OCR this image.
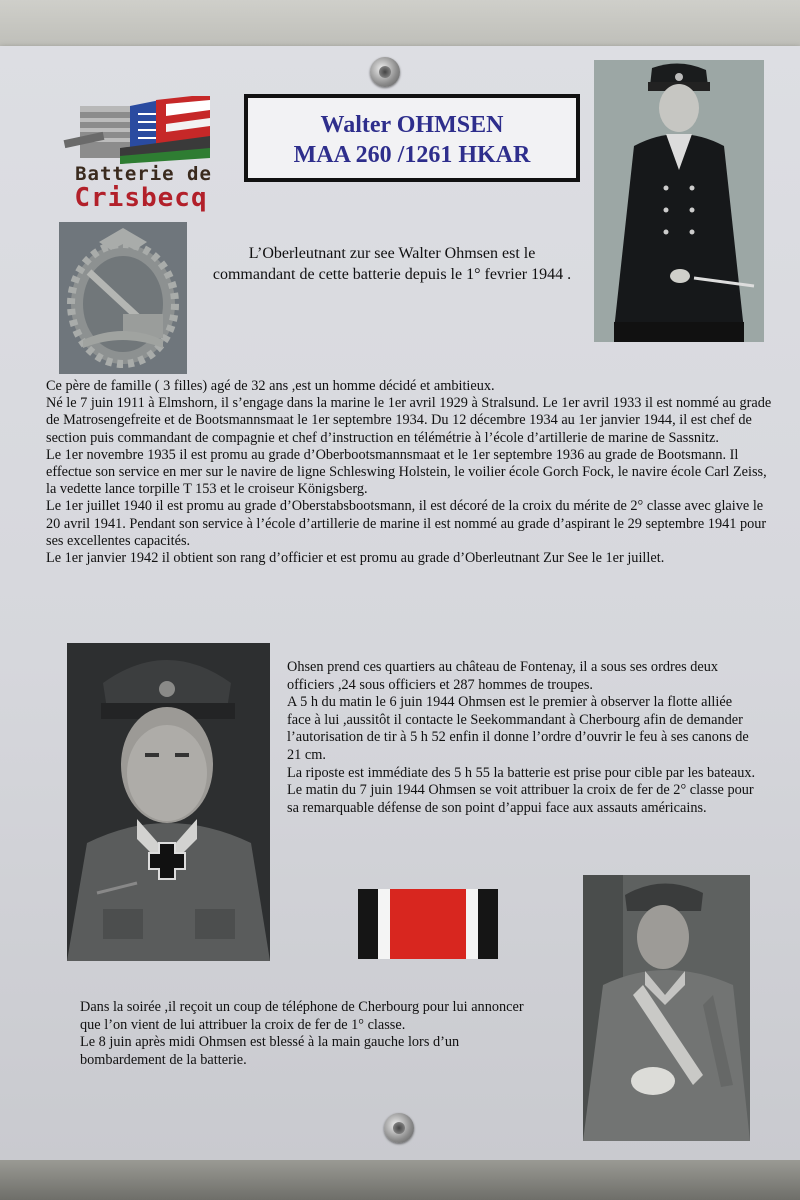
Batterie de
Crisbecq
Walter OHMSEN
MAA 260 /1261 HKAR
L’Oberleutnant zur see Walter Ohmsen est le commandant de cette batterie depuis le 1° fevrier 1944 .

Ce père de famille ( 3 filles) agé de 32 ans ,est un homme décidé et ambitieux.

Né le 7 juin 1911 à Elmshorn, il s’engage dans la marine le 1er avril 1929 à Stralsund. Le 1er avril 1933 il est nommé au grade de Matrosengefreite et de Bootsmannsmaat le 1er septembre 1934. Du 12 décembre 1934 au 1er janvier 1944, il est chef de section puis commandant de compagnie et chef d’instruction en télémétrie à l’école d’artillerie de marine de Sassnitz.

Le 1er novembre 1935 il est promu au grade d’Oberbootsmannsmaat et le 1er septembre 1936 au grade de Bootsmann. Il effectue son service en mer sur le navire de ligne Schleswing Holstein, le voilier école Gorch Fock, le navire école Carl Zeiss, la vedette lance torpille T 153 et le croiseur Königsberg.

Le 1er juillet 1940 il est promu au grade d’Oberstabsbootsmann, il est décoré de la croix du mérite de 2° classe avec glaive le 20 avril 1941. Pendant son service à l’école d’artillerie de marine il est nommé au grade d’aspirant le 29 septembre 1941 pour ses excellentes capacités.

Le 1er janvier 1942 il obtient son rang d’officier et est promu au grade d’Oberleutnant Zur See le 1er juillet.

Ohsen prend ces quartiers au château de Fontenay, il a sous ses ordres deux officiers ,24 sous officiers et 287 hommes de troupes.

A 5 h du matin le 6 juin 1944 Ohmsen est le premier à observer la flotte alliée face à lui ,aussitôt il contacte le Seekommandant à Cherbourg afin de demander l’autorisation de tir à 5 h 52 enfin il donne l’ordre d’ouvrir le feu à ses canons de 21 cm.

La riposte est immédiate des 5 h 55 la batterie est prise pour cible par les bateaux.

Le matin du 7 juin 1944 Ohmsen se voit attribuer la croix de fer de 2° classe pour sa remarquable défense de son point d’appui face aux assauts américains.

Dans la soirée ,il reçoit un coup de téléphone de Cherbourg pour lui annoncer que l’on vient de lui attribuer la croix de fer de 1° classe.

Le 8 juin après midi Ohmsen est blessé à la main gauche lors d’un bombardement de la batterie.
